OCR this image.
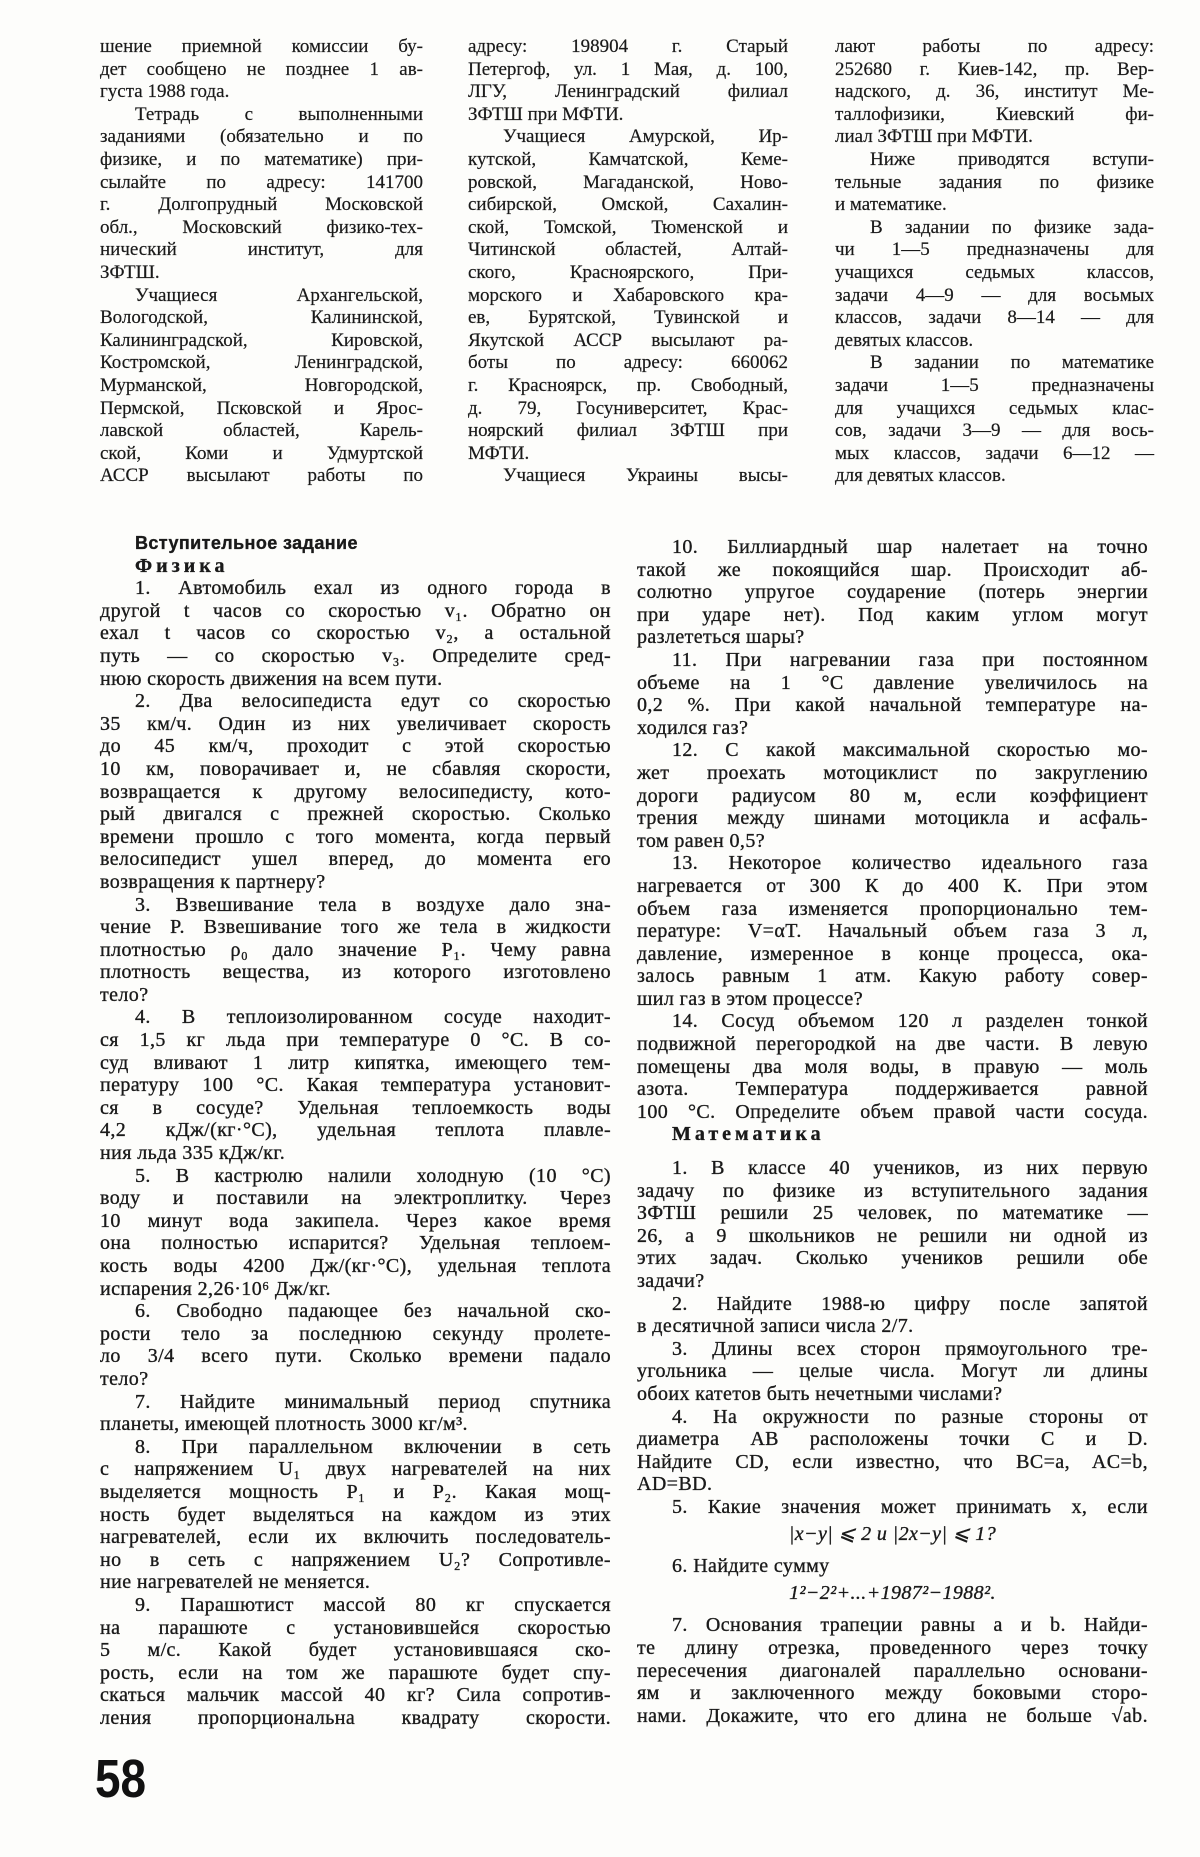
шение приемной комиссии бу-
дет сообщено не позднее 1 ав-
густа 1988 года.
Тетрадь с выполненными
заданиями (обязательно и по
физике, и по математике) при-
сылайте по адресу: 141700
г. Долгопрудный Московской
обл., Московский физико-тех-
нический институт, для
ЗФТШ.
Учащиеся Архангельской,
Вологодской, Калининской,
Калининградской, Кировской,
Костромской, Ленинградской,
Мурманской, Новгородской,
Пермской, Псковской и Ярос-
лавской областей, Карель-
ской, Коми и Удмуртской
АССР высылают работы по
адресу: 198904 г. Старый
Петергоф, ул. 1 Мая, д. 100,
ЛГУ, Ленинградский филиал
ЗФТШ при МФТИ.
Учащиеся Амурской, Ир-
кутской, Камчатской, Кеме-
ровской, Магаданской, Ново-
сибирской, Омской, Сахалин-
ской, Томской, Тюменской и
Читинской областей, Алтай-
ского, Красноярского, При-
морского и Хабаровского кра-
ев, Бурятской, Тувинской и
Якутской АССР высылают ра-
боты по адресу: 660062
г. Красноярск, пр. Свободный,
д. 79, Госуниверситет, Крас-
ноярский филиал ЗФТШ при
МФТИ.
Учащиеся Украины высы-
лают работы по адресу:
252680 г. Киев-142, пр. Вер-
надского, д. 36, институт Ме-
таллофизики, Киевский фи-
лиал ЗФТШ при МФТИ.
Ниже приводятся вступи-
тельные задания по физике
и математике.
В задании по физике зада-
чи 1—5 предназначены для
учащихся седьмых классов,
задачи 4—9 — для восьмых
классов, задачи 8—14 — для
девятых классов.
В задании по математике
задачи 1—5 предназначены
для учащихся седьмых клас-
сов, задачи 3—9 — для вось-
мых классов, задачи 6—12 —
для девятых классов.
Вступительное задание
Физика
1. Автомобиль ехал из одного города в
другой t часов со скоростью v₁. Обратно он
ехал t часов со скоростью v₂, а остальной
путь — со скоростью v₃. Определите сред-
нюю скорость движения на всем пути.
2. Два велосипедиста едут со скоростью
35 км/ч. Один из них увеличивает скорость
до 45 км/ч, проходит с этой скоростью
10 км, поворачивает и, не сбавляя скорости,
возвращается к другому велосипедисту, кото-
рый двигался с прежней скоростью. Сколько
времени прошло с того момента, когда первый
велосипедист ушел вперед, до момента его
возвращения к партнеру?
3. Взвешивание тела в воздухе дало зна-
чение P. Взвешивание того же тела в жидкости
плотностью ρ₀ дало значение P₁. Чему равна
плотность вещества, из которого изготовлено
тело?
4. В теплоизолированном сосуде находит-
ся 1,5 кг льда при температуре 0 °С. В со-
суд вливают 1 литр кипятка, имеющего тем-
пературу 100 °С. Какая температура установит-
ся в сосуде? Удельная теплоемкость воды
4,2 кДж/(кг·°С), удельная теплота плавле-
ния льда 335 кДж/кг.
5. В кастрюлю налили холодную (10 °С)
воду и поставили на электроплитку. Через
10 минут вода закипела. Через какое время
она полностью испарится? Удельная теплоем-
кость воды 4200 Дж/(кг·°С), удельная теплота
испарения 2,26·10⁶ Дж/кг.
6. Свободно падающее без начальной ско-
рости тело за последнюю секунду пролете-
ло 3/4 всего пути. Сколько времени падало
тело?
7. Найдите минимальный период спутника
планеты, имеющей плотность 3000 кг/м³.
8. При параллельном включении в сеть
с напряжением U₁ двух нагревателей на них
выделяется мощность P₁ и P₂. Какая мощ-
ность будет выделяться на каждом из этих
нагревателей, если их включить последователь-
но в сеть с напряжением U₂? Сопротивле-
ние нагревателей не меняется.
9. Парашютист массой 80 кг спускается
на парашюте с установившейся скоростью
5 м/с. Какой будет установившаяся ско-
рость, если на том же парашюте будет спу-
скаться мальчик массой 40 кг? Сила сопротив-
ления пропорциональна квадрату скорости.
10. Биллиардный шар налетает на точно
такой же покоящийся шар. Происходит аб-
солютно упругое соударение (потерь энергии
при ударе нет). Под каким углом могут
разлететься шары?
11. При нагревании газа при постоянном
объеме на 1 °С давление увеличилось на
0,2 %. При какой начальной температуре на-
ходился газ?
12. С какой максимальной скоростью мо-
жет проехать мотоциклист по закруглению
дороги радиусом 80 м, если коэффициент
трения между шинами мотоцикла и асфаль-
том равен 0,5?
13. Некоторое количество идеального газа
нагревается от 300 К до 400 К. При этом
объем газа изменяется пропорционально тем-
пературе: V=αT. Начальный объем газа 3 л,
давление, измеренное в конце процесса, ока-
залось равным 1 атм. Какую работу совер-
шил газ в этом процессе?
14. Сосуд объемом 120 л разделен тонкой
подвижной перегородкой на две части. В левую
помещены два моля воды, в правую — моль
азота. Температура поддерживается равной
100 °С. Определите объем правой части сосуда.
Математика
1. В классе 40 учеников, из них первую
задачу по физике из вступительного задания
ЗФТШ решили 25 человек, по математике —
26, а 9 школьников не решили ни одной из
этих задач. Сколько учеников решили обе
задачи?
2. Найдите 1988-ю цифру после запятой
в десятичной записи числа 2/7.
3. Длины всех сторон прямоугольного тре-
угольника — целые числа. Могут ли длины
обоих катетов быть нечетными числами?
4. На окружности по разные стороны от
диаметра AB расположены точки C и D.
Найдите CD, если известно, что BC=a, AC=b,
AD=BD.
5. Какие значения может принимать x, если
|x−y| ⩽ 2 и |2x−y| ⩽ 1?
6. Найдите сумму
1²−2²+...+1987²−1988².
7. Основания трапеции равны a и b. Найди-
те длину отрезка, проведенного через точку
пересечения диагоналей параллельно основани-
ям и заключенного между боковыми сторо-
нами. Докажите, что его длина не больше √ab.
58
